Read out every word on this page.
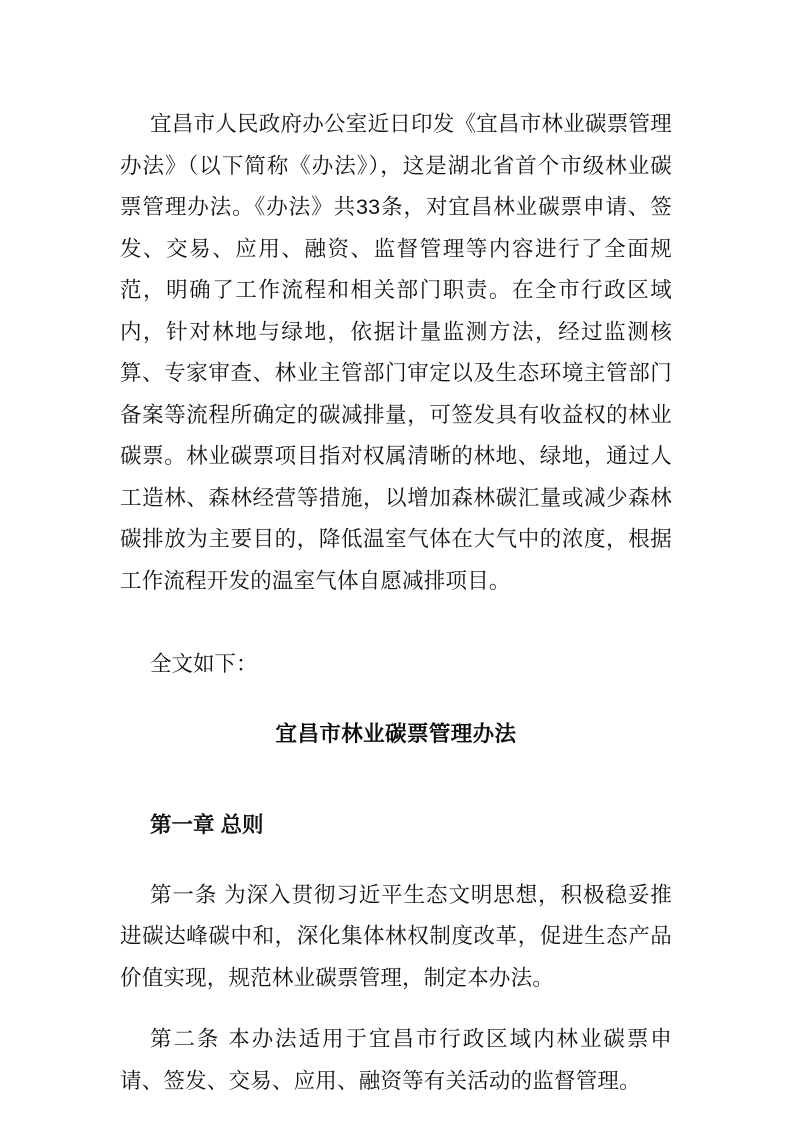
宜昌市人民政府办公室近日印发《宜昌市林业碳票管理办法》（以下简称《办法》），这是湖北省首个市级林业碳票管理办法。《办法》共33条，对宜昌林业碳票申请、签发、交易、应用、融资、监督管理等内容进行了全面规范，明确了工作流程和相关部门职责。在全市行政区域内，针对林地与绿地，依据计量监测方法，经过监测核算、专家审查、林业主管部门审定以及生态环境主管部门备案等流程所确定的碳减排量，可签发具有收益权的林业碳票。林业碳票项目指对权属清晰的林地、绿地，通过人工造林、森林经营等措施，以增加森林碳汇量或减少森林碳排放为主要目的，降低温室气体在大气中的浓度，根据工作流程开发的温室气体自愿减排项目。

全文如下：

宜昌市林业碳票管理办法
第一章 总则

第一条 为深入贯彻习近平生态文明思想，积极稳妥推进碳达峰碳中和，深化集体林权制度改革，促进生态产品价值实现，规范林业碳票管理，制定本办法。

第二条 本办法适用于宜昌市行政区域内林业碳票申请、签发、交易、应用、融资等有关活动的监督管理。
